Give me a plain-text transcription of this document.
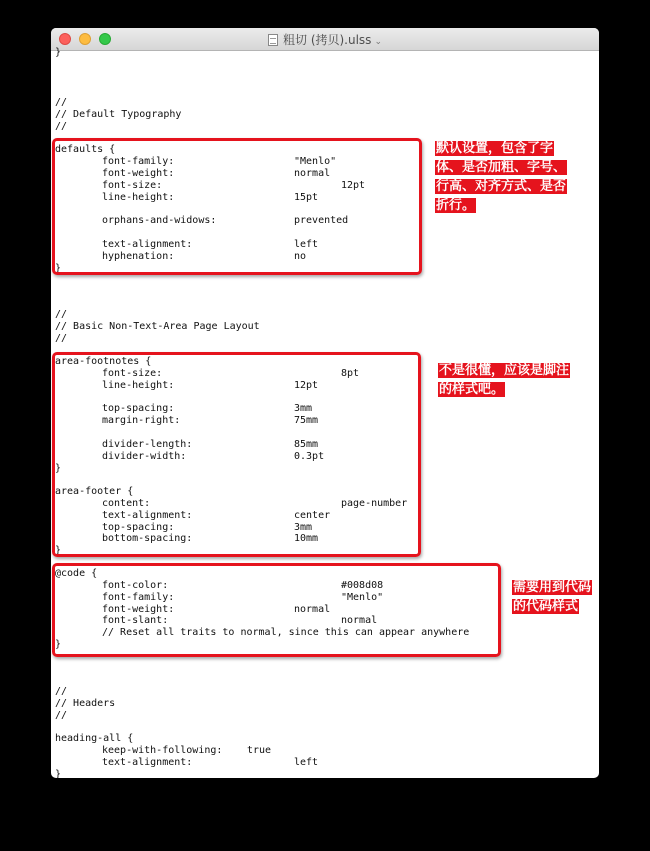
粗切 (拷贝).ulss ⌄
}
//
// Default Typography
//
defaults {
font-family:	"Menlo"
font-weight:	normal
font-size:	12pt
line-height:	15pt
orphans-and-widows:	prevented
text-alignment:	left
hyphenation:	no
}
//
// Basic Non-Text-Area Page Layout
//
area-footnotes {
font-size:	8pt
line-height:	12pt
top-spacing:	3mm
margin-right:	75mm
divider-length:	85mm
divider-width:	0.3pt
}
area-footer {
content:	page-number
text-alignment:	center
top-spacing:	3mm
bottom-spacing:	10mm
}
@code {
font-color:	#008d08
font-family:	"Menlo"
font-weight:	normal
font-slant:	normal
// Reset all traits to normal, since this can appear anywhere
}
//
// Headers
//
heading-all {
keep-with-following: true
text-alignment:	left
}
默认设置，包含了字体、是否加粗、字号、行高、对齐方式、是否折行。
不是很懂，应该是脚注的样式吧。
需要用到代码的代码样式
